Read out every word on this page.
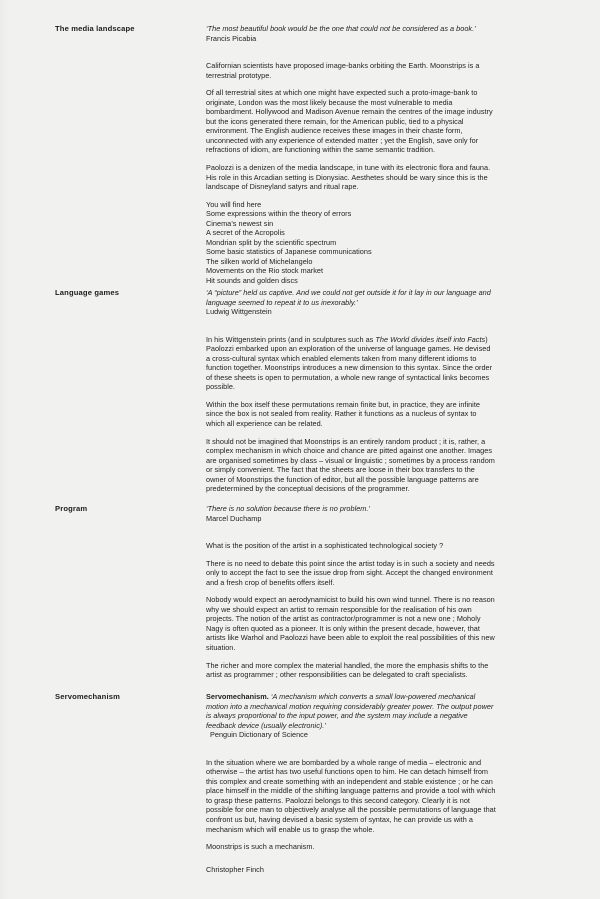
The media landscape	‘The most beautiful book would be the one that could not be considered as a book.’

Francis Picabia

Californian scientists have proposed image-banks orbiting the Earth. Moonstrips is a terrestrial prototype.

Of all terrestrial sites at which one might have expected such a proto-image-bank to originate, London was the most likely because the most vulnerable to media bombardment. Hollywood and Madison Avenue remain the centres of the image industry but the icons generated there remain, for the American public, tied to a physical environment. The English audience receives these images in their chaste form, unconnected with any experience of extended matter ; yet the English, save only for refractions of idiom, are functioning within the same semantic tradition.

Paolozzi is a denizen of the media landscape, in tune with its electronic flora and fauna. His role in this Arcadian setting is Dionysiac. Aesthetes should be wary since this is the landscape of Disneyland satyrs and ritual rape.

You will find here

Some expressions within the theory of errors

Cinema’s newest sin

A secret of the Acropolis

Mondrian split by the scientific spectrum

Some basic statistics of Japanese communications

The silken world of Michelangelo

Movements on the Rio stock market

Hit sounds and golden discs

Language games	‘A “picture” held us captive. And we could not get outside it for it lay in our language and language seemed to repeat it to us inexorably.’

Ludwig Wittgenstein

In his Wittgenstein prints (and in sculptures such as The World divides itself into Facts) Paolozzi embarked upon an exploration of the universe of language games. He devised a cross-cultural syntax which enabled elements taken from many different idioms to function together. Moonstrips introduces a new dimension to this syntax. Since the order of these sheets is open to permutation, a whole new range of syntactical links becomes possible.

Within the box itself these permutations remain finite but, in practice, they are infinite since the box is not sealed from reality. Rather it functions as a nucleus of syntax to which all experience can be related.

It should not be imagined that Moonstrips is an entirely random product ; it is, rather, a complex mechanism in which choice and chance are pitted against one another. Images are organised sometimes by class – visual or linguistic ; sometimes by a process random or simply convenient. The fact that the sheets are loose in their box transfers to the owner of Moonstrips the function of editor, but all the possible language patterns are predetermined by the conceptual decisions of the programmer.

Program	‘There is no solution because there is no problem.’

Marcel Duchamp

What is the position of the artist in a sophisticated technological society ?

There is no need to debate this point since the artist today is in such a society and needs only to accept the fact to see the issue drop from sight. Accept the changed environment and a fresh crop of benefits offers itself.

Nobody would expect an aerodynamicist to build his own wind tunnel. There is no reason why we should expect an artist to remain responsible for the realisation of his own projects. The notion of the artist as contractor/programmer is not a new one ; Moholy Nagy is often quoted as a pioneer. It is only within the present decade, however, that artists like Warhol and Paolozzi have been able to exploit the real possibilities of this new situation.

The richer and more complex the material handled, the more the emphasis shifts to the artist as programmer ; other responsibilities can be delegated to craft specialists.

Servomechanism	Servomechanism. ‘A mechanism which converts a small low-powered mechanical motion into a mechanical motion requiring considerably greater power. The output power is always proportional to the input power, and the system may include a negative feedback device (usually electronic).’

Penguin Dictionary of Science

In the situation where we are bombarded by a whole range of media – electronic and otherwise – the artist has two useful functions open to him. He can detach himself from this complex and create something with an independent and stable existence ; or he can place himself in the middle of the shifting language patterns and provide a tool with which to grasp these patterns. Paolozzi belongs to this second category. Clearly it is not possible for one man to objectively analyse all the possible permutations of language that confront us but, having devised a basic system of syntax, he can provide us with a mechanism which will enable us to grasp the whole.

Moonstrips is such a mechanism.

Christopher Finch
